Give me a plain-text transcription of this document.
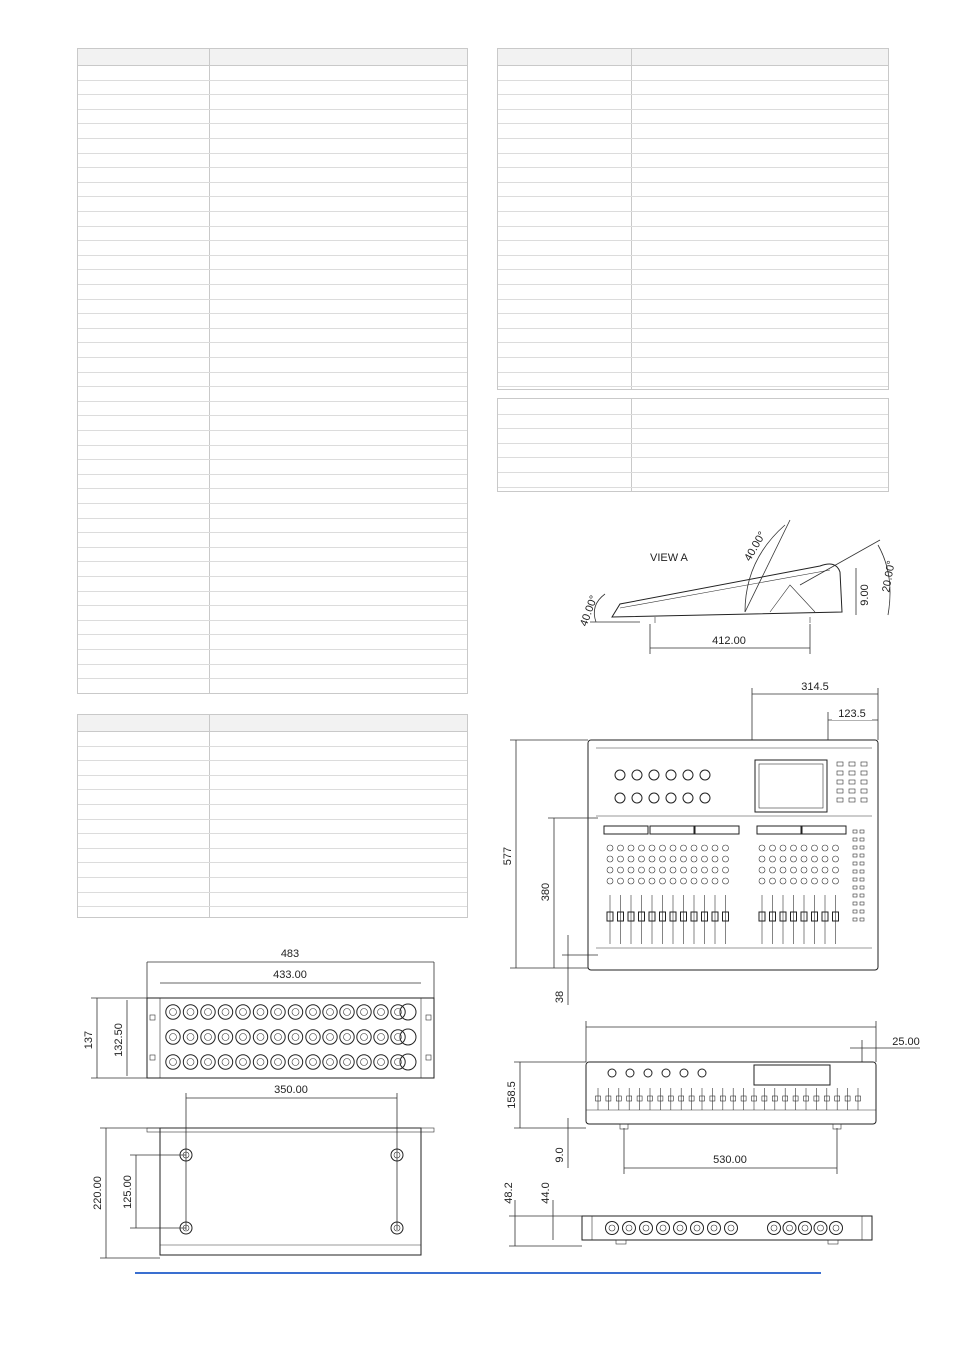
483
433.00
137 132.50
350.00
220.00 125.00
VIEW A
412.00
40.00°
40.00°
20.00°
9.00
314.5
123.5
577
380
38
25.00
158.5
9.0	530.00
48.2 44.0
